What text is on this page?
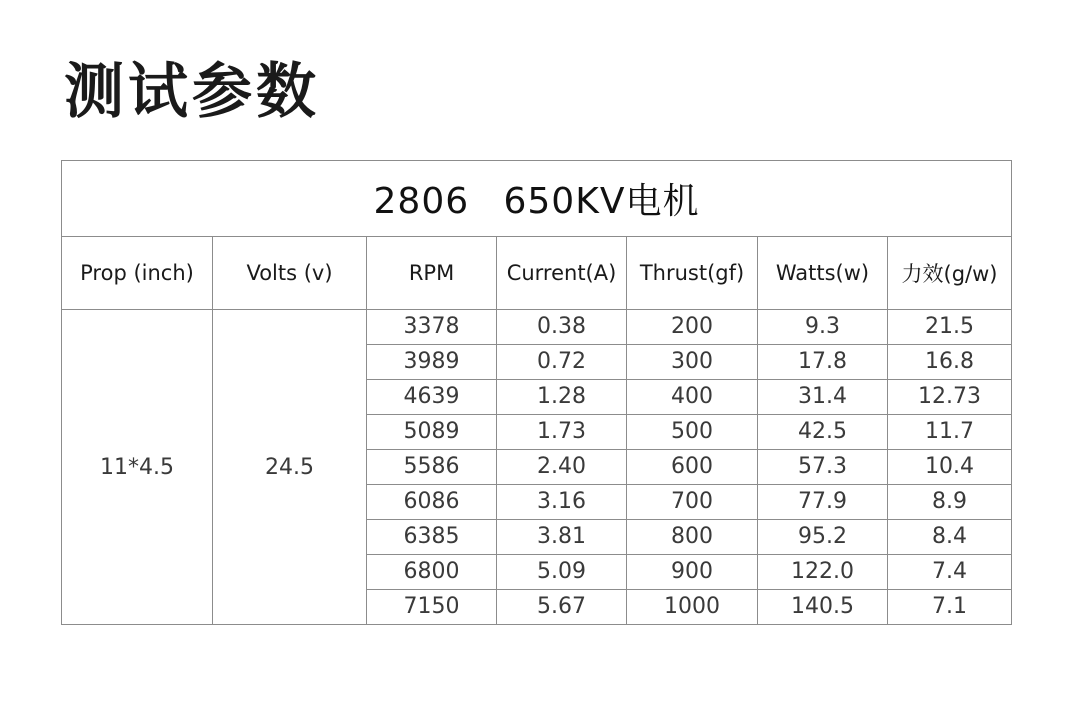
测试参数
2806 650KV电机						
Prop (inch)	Volts (v)	RPM	Current(A)	Thrust(gf)	Watts(w)	力效(g/w)
11*4.5	24.5	3378	0.38	200	9.3	21.5
		3989	0.72	300	17.8	16.8
		4639	1.28	400	31.4	12.73
		5089	1.73	500	42.5	11.7
		5586	2.40	600	57.3	10.4
		6086	3.16	700	77.9	8.9
		6385	3.81	800	95.2	8.4
		6800	5.09	900	122.0	7.4
		7150	5.67	1000	140.5	7.1
